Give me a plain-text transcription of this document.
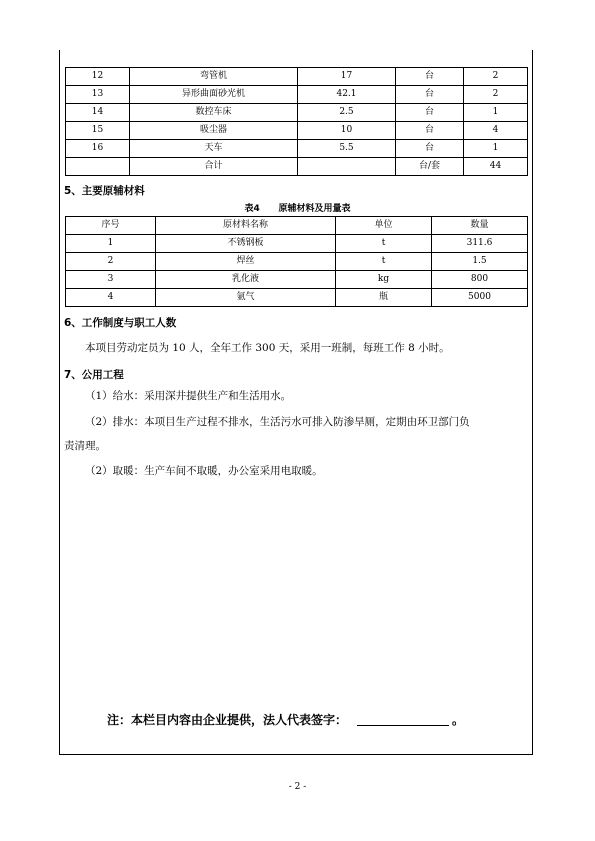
12	弯管机	17	台	2
13	异形曲面砂光机	42.1	台	2
14	数控车床	2.5	台	1
15	吸尘器	10	台	4
16	天车	5.5	台	1
	合计		台/套	44
5、主要原辅材料
表4 原辅材料及用量表
序号	原材料名称	单位	数量
1	不锈钢板	t	311.6
2	焊丝	t	1.5
3	乳化液	kg	800
4	氩气	瓶	5000
6、工作制度与职工人数
本项目劳动定员为 10 人，全年工作 300 天，采用一班制，每班工作 8 小时。
7、公用工程
（1）给水：采用深井提供生产和生活用水。
（2）排水：本项目生产过程不排水，生活污水可排入防渗旱厕，定期由环卫部门负
责清理。
（2）取暖：生产车间不取暖，办公室采用电取暖。
注：本栏目内容由企业提供，法人代表签字：	。
- 2 -
